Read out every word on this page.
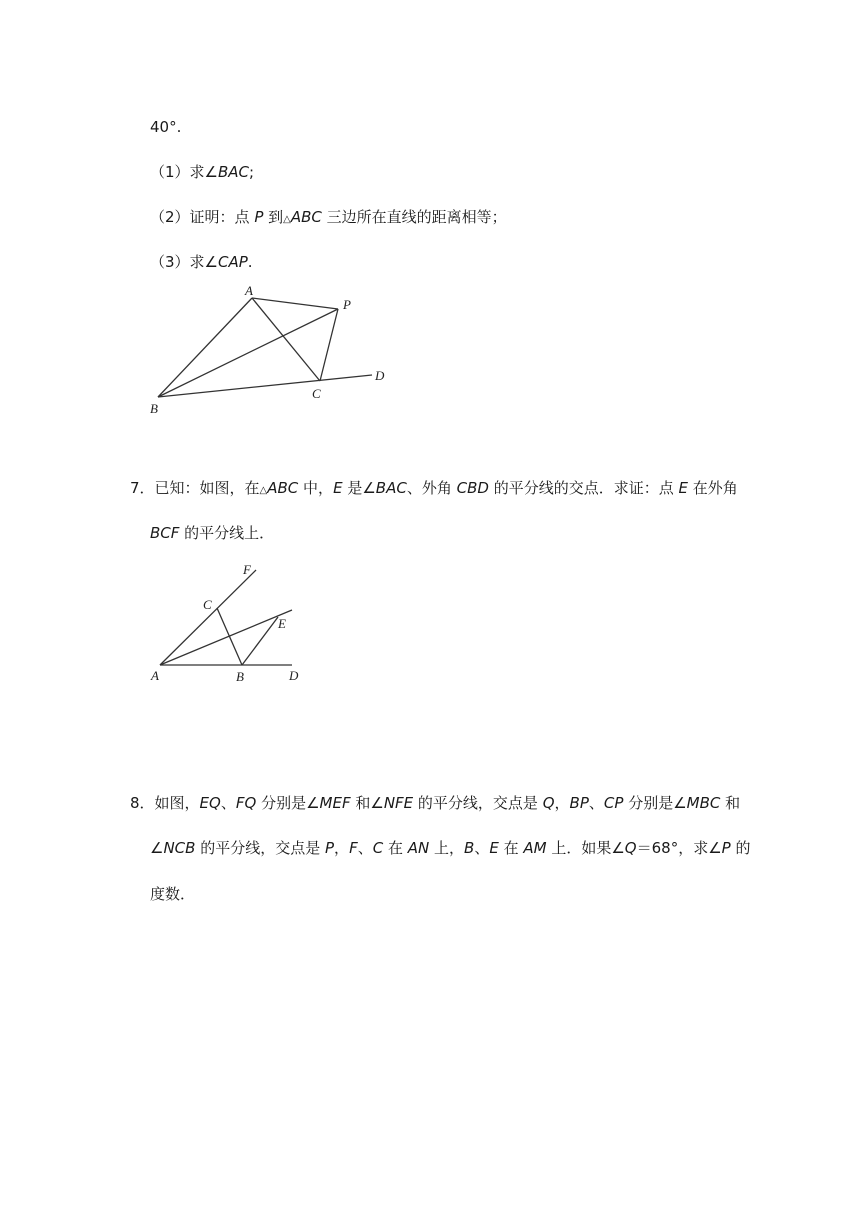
40°.
（1）求∠BAC;
（2）证明：点 P 到△ABC 三边所在直线的距离相等；
（3）求∠CAP.
A
P
B
C
D
F
C
E
A	B	D
7．已知：如图，在△ABC 中，E 是∠BAC、外角 CBD 的平分线的交点．求证：点 E 在外角
BCF 的平分线上．
8．如图，EQ、FQ 分别是∠MEF 和∠NFE 的平分线，交点是 Q，BP、CP 分别是∠MBC 和
∠NCB 的平分线，交点是 P，F、C 在 AN 上，B、E 在 AM 上．如果∠Q＝68°，求∠P 的
度数．
